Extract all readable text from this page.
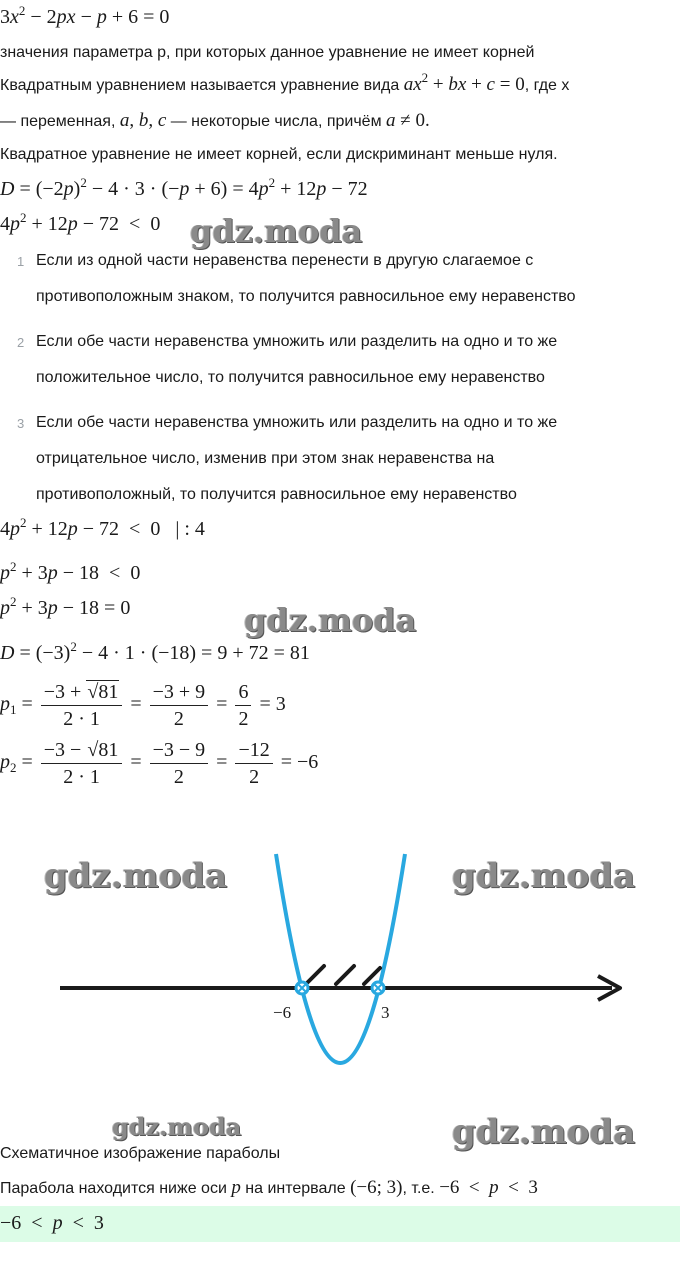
$3x^2 - 2px - p + 6 = 0$
значения параметра p, при которых данное уравнение не имеет корней
Квадратным уравнением называется уравнение вида $ax^2$ + bx + c = 0, где x
— переменная, a, b, c — некоторые числа, причём a ≠ 0.
Квадратное уравнение не имеет корней, если дискриминант меньше нуля.
$D = (-2p)^2 - 4 \cdot 3 \cdot (-p + 6) = 4p^2 + 12p - 72$
$4p^2 + 12p - 72 < 0$ gdz.moda
1 Если из одной части неравенства перенести в другую слагаемое с
противоположным знаком, то получится равносильное ему неравенство
2 Если обе части неравенства умножить или разделить на одно и то же
положительное число, то получится равносильное ему неравенство
3 Если обе части неравенства умножить или разделить на одно и то же
отрицательное число, изменив при этом знак неравенства на
противоположный, то получится равносильное ему неравенство
$4p^2 + 12p - 72 < 0$   | : 4
$p^2 + 3p - 18 < 0$
$p^2 + 3p - 18 = 0$	gdz.moda
$D = (-3)^2 - 4 \cdot 1 \cdot (-18) = 9 + 72 = 81$
$p_1 = \frac{-3 + √81}{2 \cdot 1} = \frac{-3 + 9}{2} = \frac{6}{2} = 3$
$p_2 = \frac{-3 - √81}{2 \cdot 1} = \frac{-3 - 9}{2} = \frac{-12}{2} = -6$
−6	3
gdz.moda	gdz.moda
gdz.moda	gdz.moda
Схематичное изображение параболы
Парабола находится ниже оси p на интервале (−6; 3), т.е. −6  <  p  <  3
−6  <  p  <  3
